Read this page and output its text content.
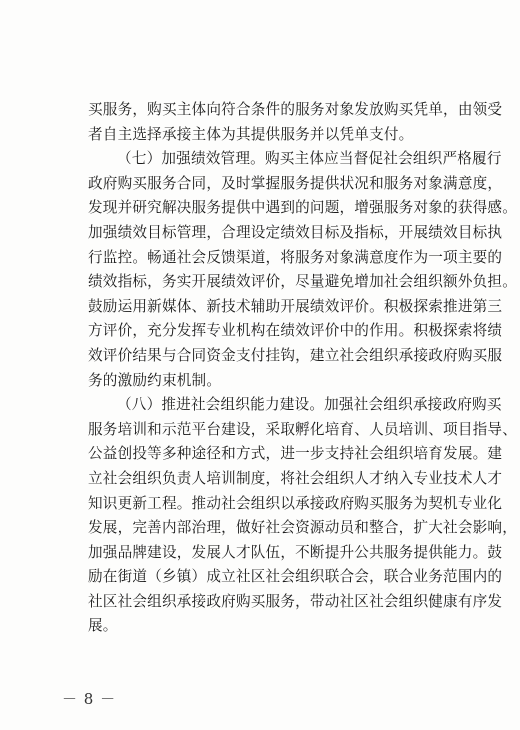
买服务，购买主体向符合条件的服务对象发放购买凭单，由领受
者自主选择承接主体为其提供服务并以凭单支付。
（七）加强绩效管理。购买主体应当督促社会组织严格履行
政府购买服务合同，及时掌握服务提供状况和服务对象满意度，
发现并研究解决服务提供中遇到的问题，增强服务对象的获得感。
加强绩效目标管理，合理设定绩效目标及指标，开展绩效目标执
行监控。畅通社会反馈渠道，将服务对象满意度作为一项主要的
绩效指标，务实开展绩效评价，尽量避免增加社会组织额外负担。
鼓励运用新媒体、新技术辅助开展绩效评价。积极探索推进第三
方评价，充分发挥专业机构在绩效评价中的作用。积极探索将绩
效评价结果与合同资金支付挂钩，建立社会组织承接政府购买服
务的激励约束机制。
（八）推进社会组织能力建设。加强社会组织承接政府购买
服务培训和示范平台建设，采取孵化培育、人员培训、项目指导、
公益创投等多种途径和方式，进一步支持社会组织培育发展。建
立社会组织负责人培训制度，将社会组织人才纳入专业技术人才
知识更新工程。推动社会组织以承接政府购买服务为契机专业化
发展，完善内部治理，做好社会资源动员和整合，扩大社会影响，
加强品牌建设，发展人才队伍，不断提升公共服务提供能力。鼓
励在街道（乡镇）成立社区社会组织联合会，联合业务范围内的
社区社会组织承接政府购买服务，带动社区社会组织健康有序发
展。
－ 8 －
